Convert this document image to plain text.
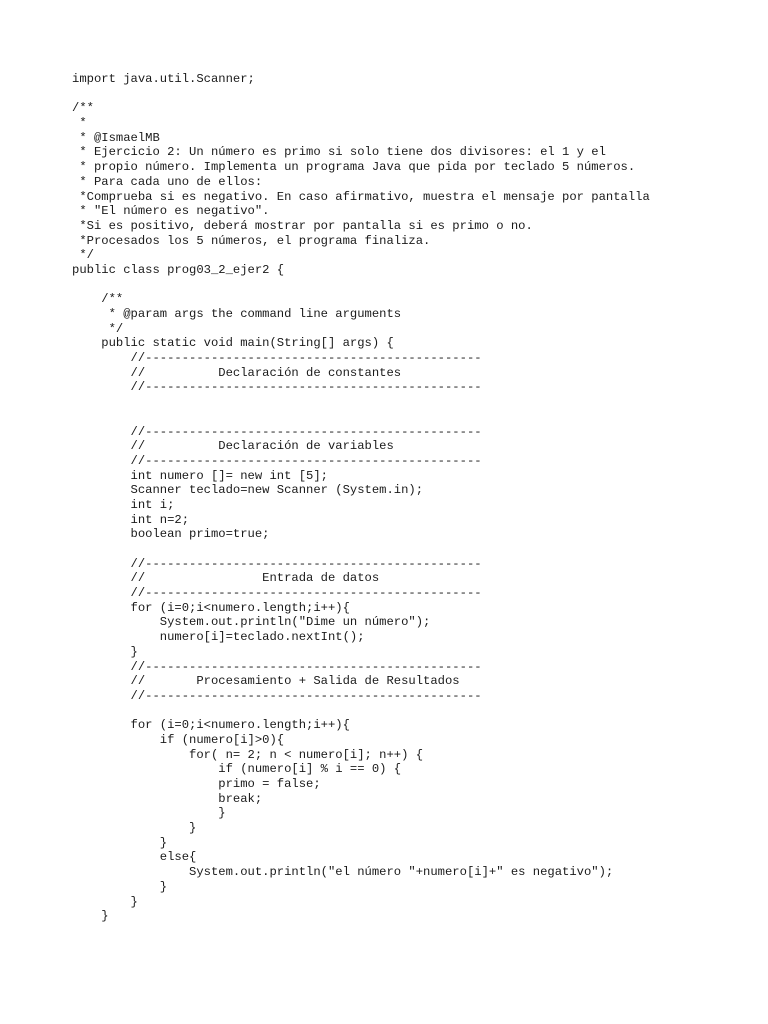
import java.util.Scanner;
/**
*
* @IsmaelMB
* Ejercicio 2: Un número es primo si solo tiene dos divisores: el 1 y el
* propio número. Implementa un programa Java que pida por teclado 5 números.
* Para cada uno de ellos:
*Comprueba si es negativo. En caso afirmativo, muestra el mensaje por pantalla
* "El número es negativo".
*Si es positivo, deberá mostrar por pantalla si es primo o no.
*Procesados los 5 números, el programa finaliza.
*/
public class prog03_2_ejer2 {
/**
* @param args the command line arguments
*/
public static void main(String[] args) {
//----------------------------------------------
//          Declaración de constantes
//----------------------------------------------
//----------------------------------------------
//          Declaración de variables
//----------------------------------------------
int numero []= new int [5];
Scanner teclado=new Scanner (System.in);
int i;
int n=2;
boolean primo=true;
//----------------------------------------------
//                Entrada de datos
//----------------------------------------------
for (i=0;i<numero.length;i++){
System.out.println("Dime un número");
numero[i]=teclado.nextInt();
}
//----------------------------------------------
//       Procesamiento + Salida de Resultados
//----------------------------------------------
for (i=0;i<numero.length;i++){
if (numero[i]>0){
for( n= 2; n < numero[i]; n++) {
if (numero[i] % i == 0) {
primo = false;
break;
}
}
}
else{
System.out.println("el número "+numero[i]+" es negativo");
}
}
}
